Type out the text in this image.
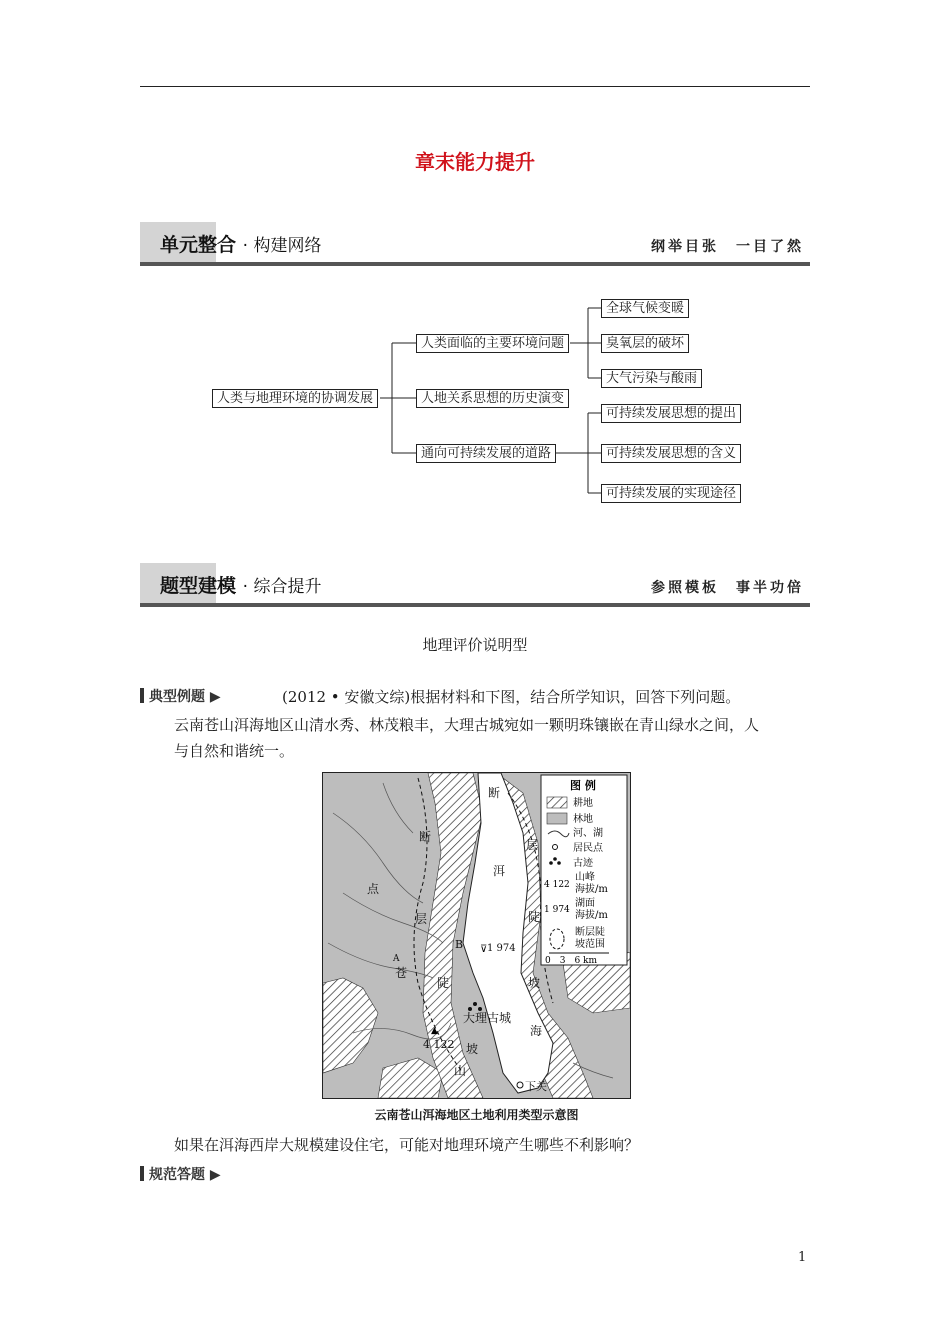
章末能力提升
单元整合 · 构建网络	纲举目张　一目了然
人类与地理环境的协调发展
人类面临的主要环境问题
人地关系思想的历史演变
通向可持续发展的道路
全球气候变暖
臭氧层的破坏
大气污染与酸雨
可持续发展思想的提出
可持续发展思想的含义
可持续发展的实现途径
题型建模 · 综合提升	参照模板　事半功倍
地理评价说明型
典型例题 ▶	(2012 • 安徽文综)根据材料和下图，结合所学知识，回答下列问题。
云南苍山洱海地区山清水秀、林茂粮丰，大理古城宛如一颗明珠镶嵌在青山绿水之间，人
与自然和谐统一。
断
层
洱
陡
坡
海
断
点
层
苍
陡
坡
山
B
A
1 974
4 122
大理古城
下关
⊽
▲
图 例
耕地
林地
河、湖
居民点
古迹
4 122
山峰
海拔/m
1 974
湖面
海拔/m
断层陡
坡范围
0　3　6 km
云南苍山洱海地区土地利用类型示意图
如果在洱海西岸大规模建设住宅，可能对地理环境产生哪些不利影响？
规范答题 ▶
1
